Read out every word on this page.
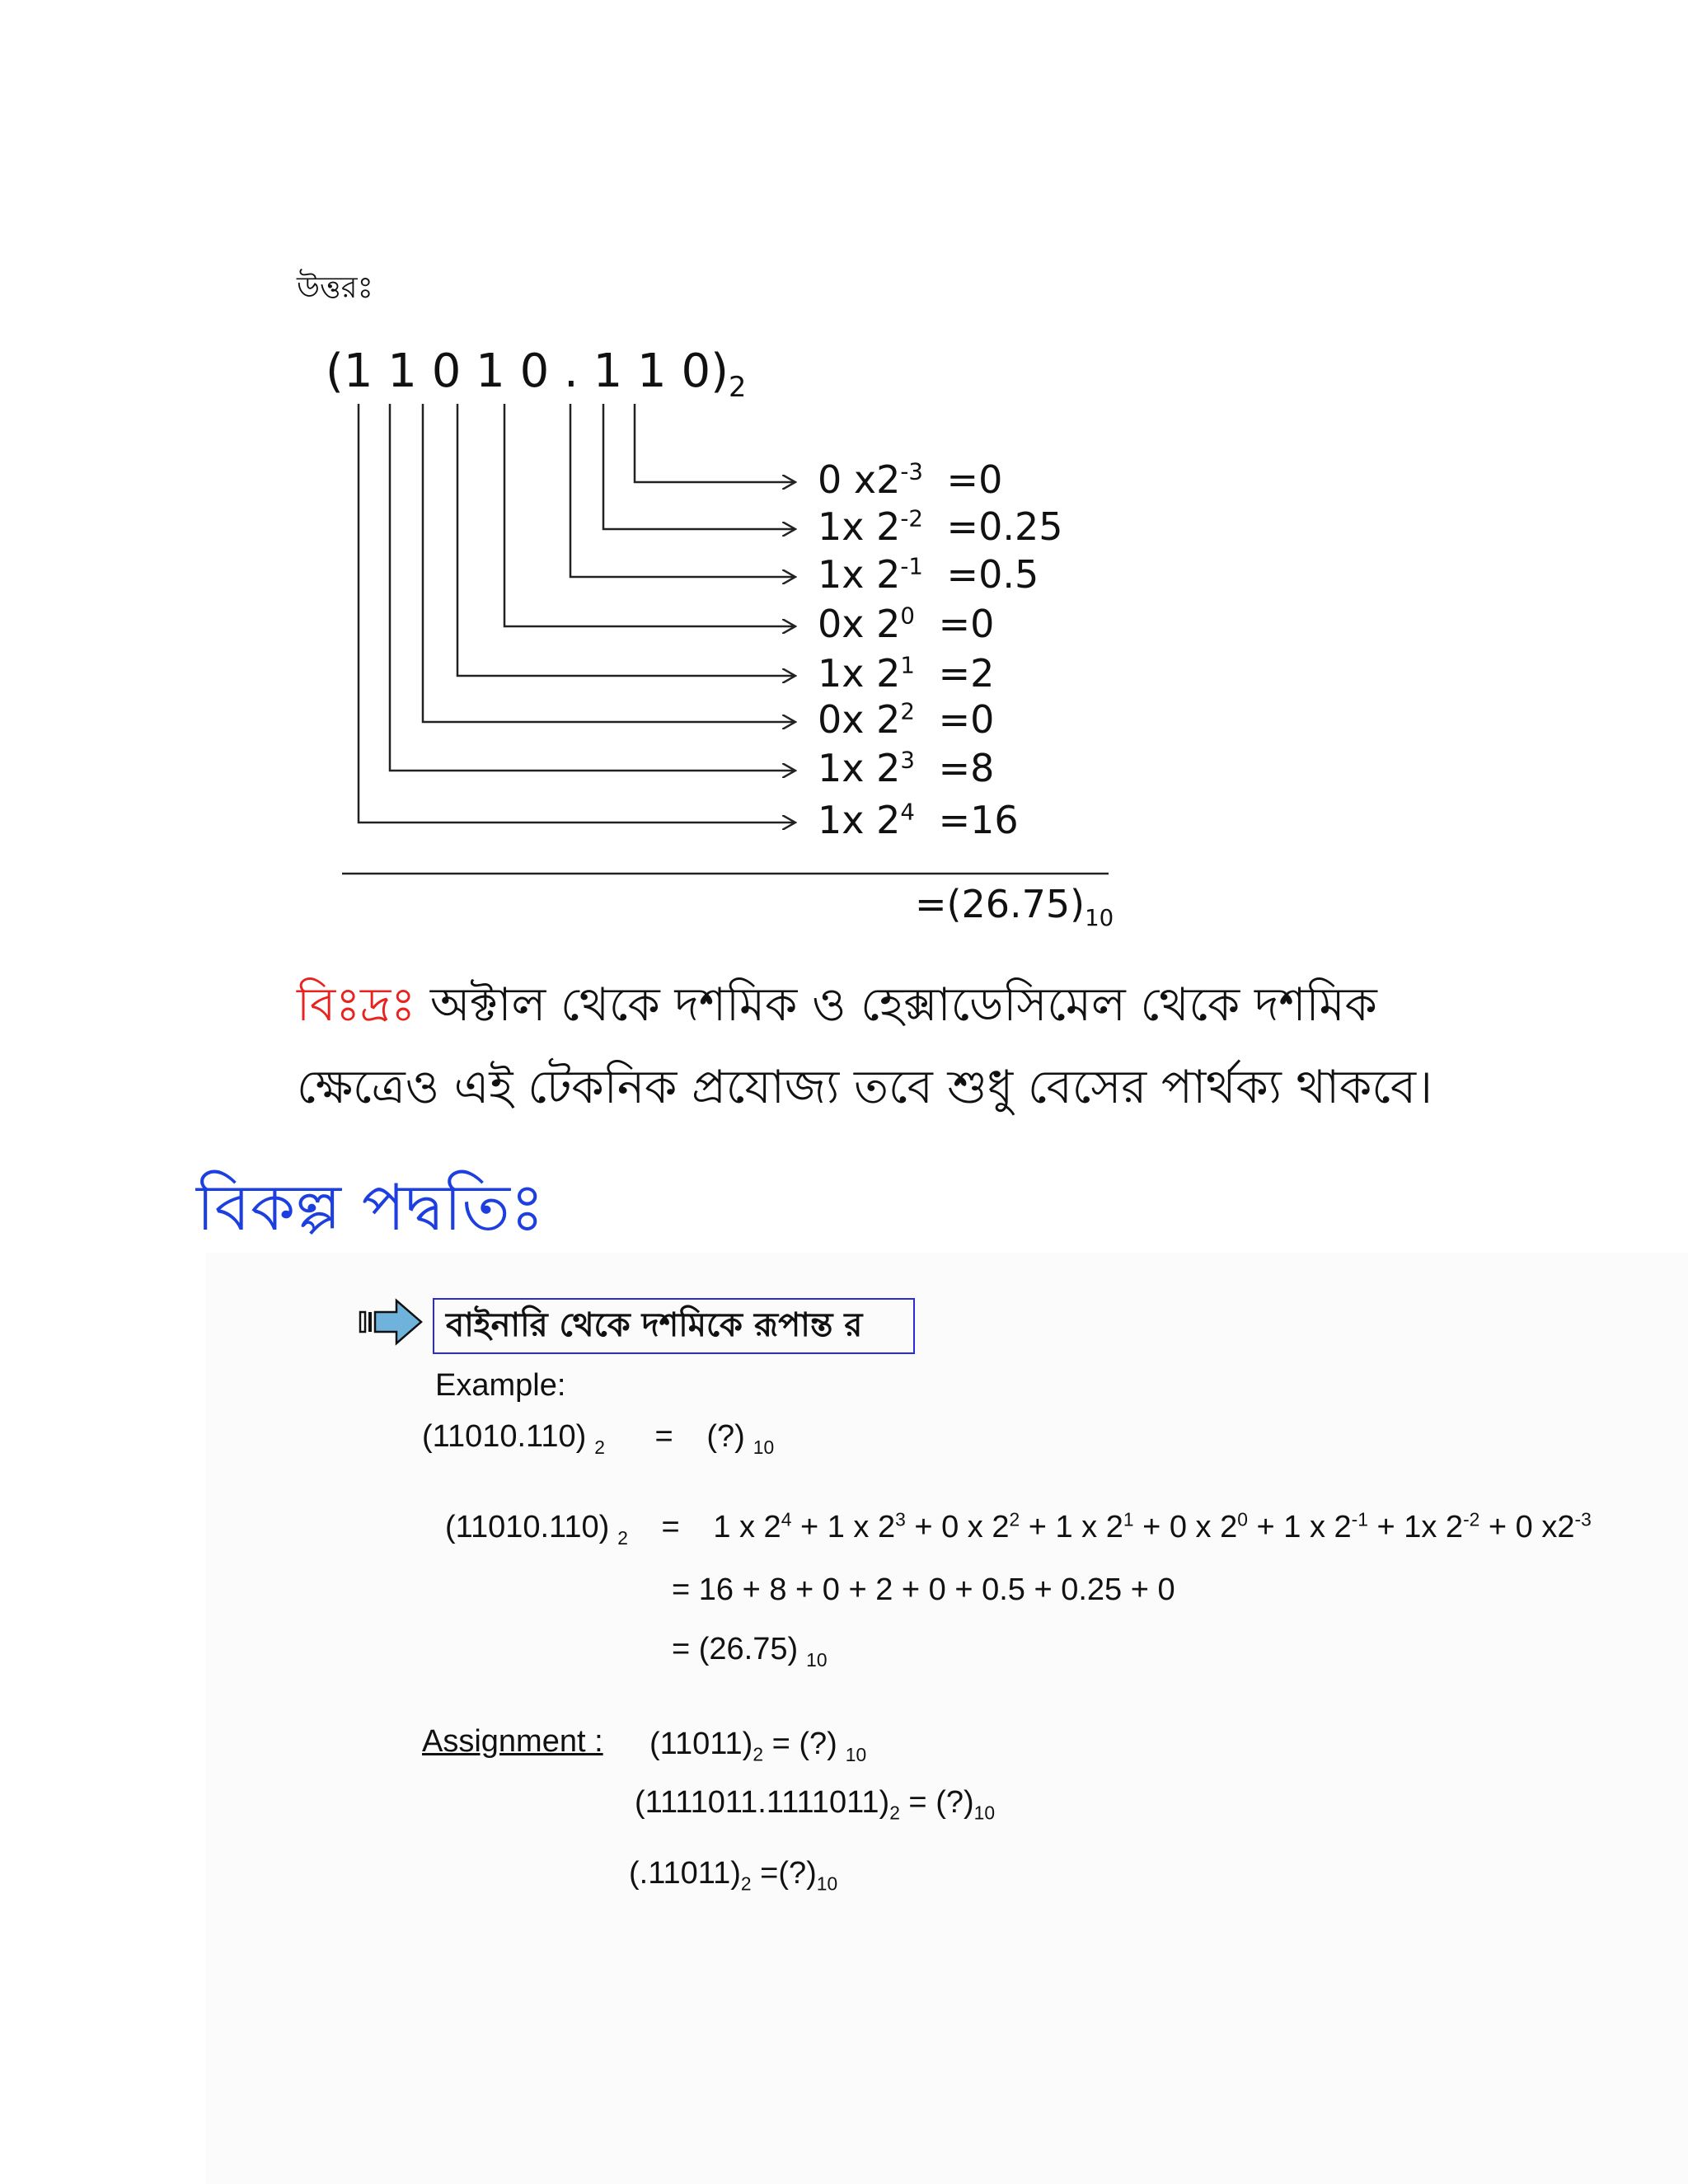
উত্তরঃ
(1 1 0 1 0 . 1 1 $0)_2$
0 $x2^{-3} =0$
1x $2^{-2} =0.25$
1x $2^{-1} =0.5$
0x $2^0 =0$
1x $2^1 =2$
0x $2^2 =0$
1x $2^3 =8$
1x $2^4 =16$
$=(26.75)_{10}$
বিঃদ্রঃ অক্টাল থেকে দশমিক ও হেক্সাডেসিমেল থেকে দশমিক ক্ষেত্রেও এই টেকনিক প্রযোজ্য তবে শুধু বেসের পার্থক্য থাকবে।
বিকল্প পদ্বতিঃ
বাইনারি থেকে দশমিকে রূপান্ত র
Example:
(11010.110) $_2$ = (?) $_{10}$
(11010.110) $_2$ = 1 x $2^4 + 1$ x $2^3 + 0$ x $2^2 + 1$ x $2^1 + 0$ x $2^0 + 1$ x $2^{-1} + 1x$ $2^{-2} + 0$ $x2^{-3}$
= 16 + 8 + 0 + 2 + 0 + 0.5 + 0.25 + 0
= (26.75) $_{10}$
Assignment : $(11011)_2$ = (?) $_{10}$
$(1111011.1111011)_2$ = $(?)_{10}$
$(.11011)_2$ $=(?)_{10}$
